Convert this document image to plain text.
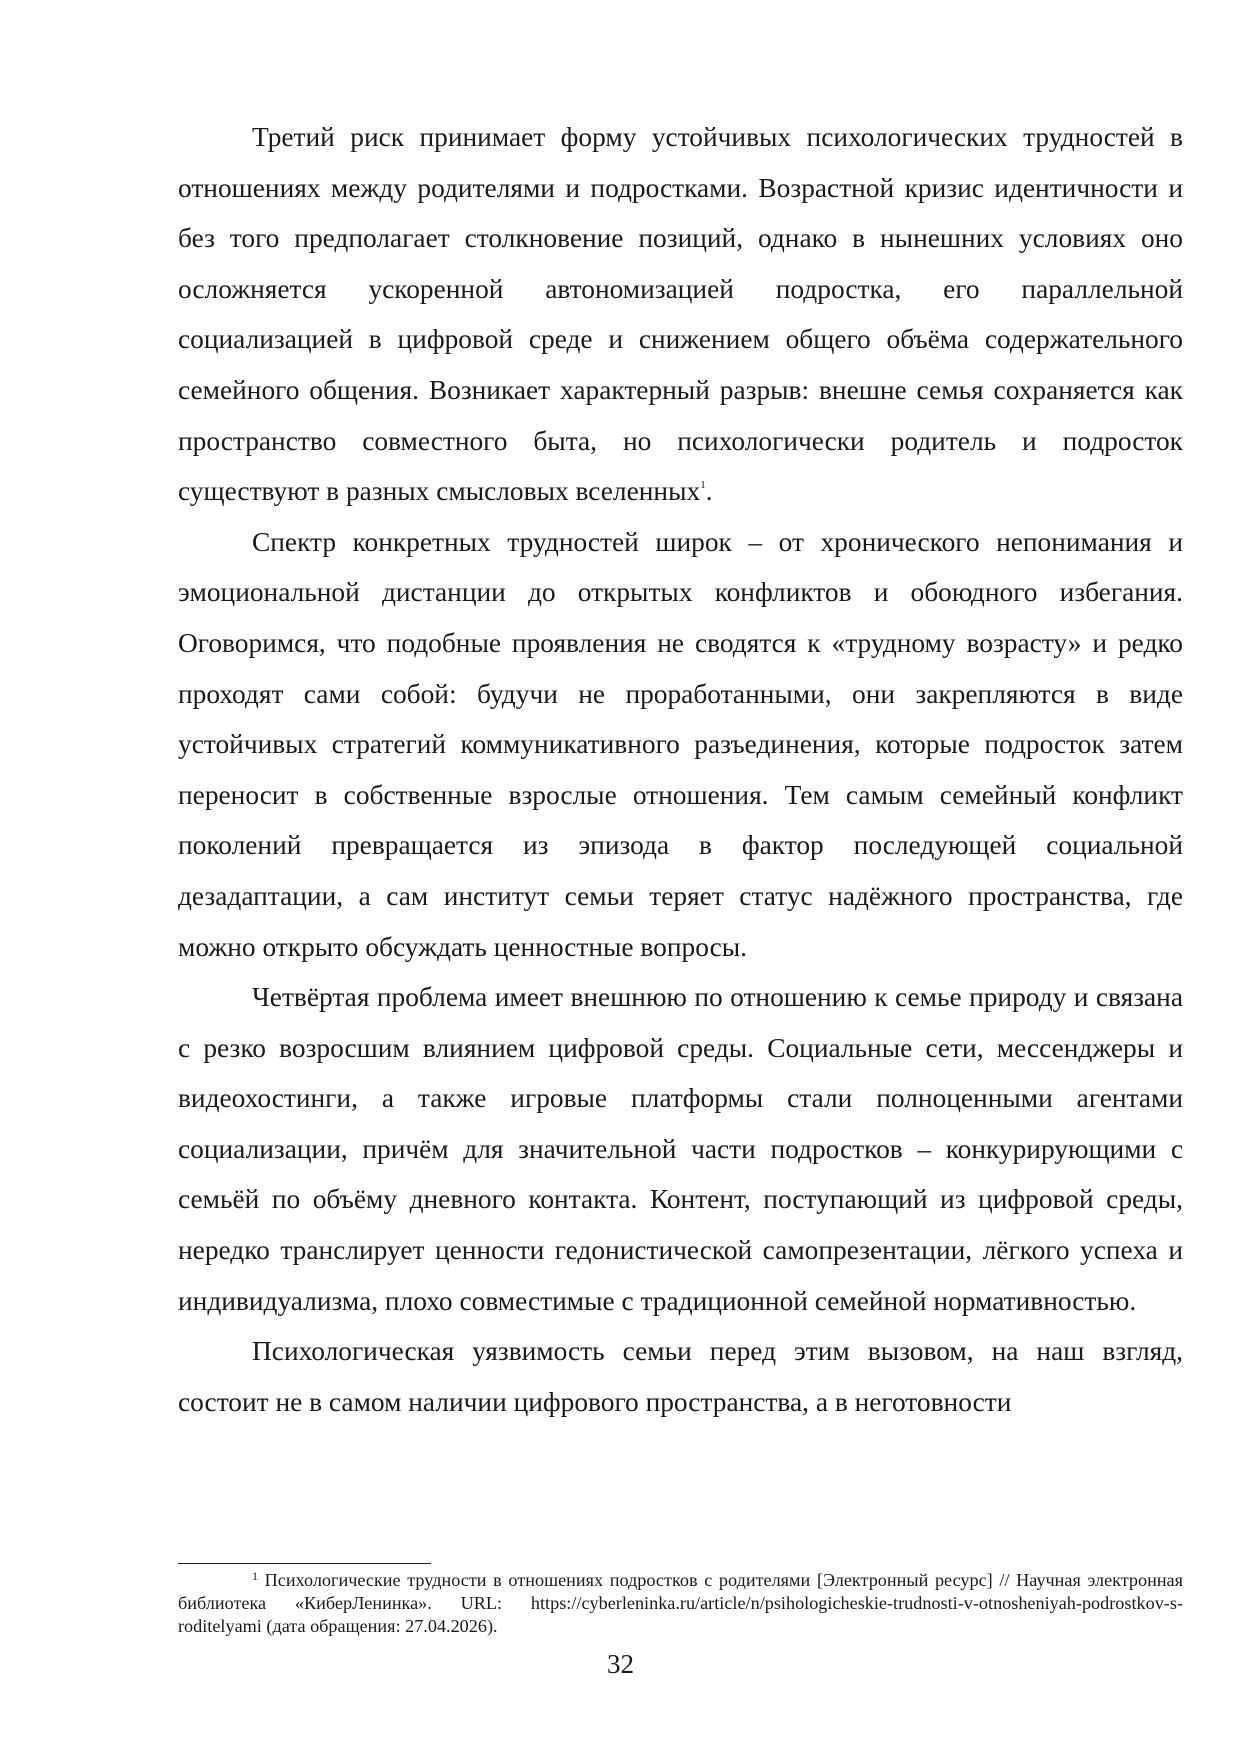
Третий риск принимает форму устойчивых психологических трудностей в отношениях между родителями и подростками. Возрастной кризис идентичности и без того предполагает столкновение позиций, однако в нынешних условиях оно осложняется ускоренной автономизацией подростка, его параллельной социализацией в цифровой среде и снижением общего объёма содержательного семейного общения. Возникает характерный разрыв: внешне семья сохраняется как пространство совместного быта, но психологически родитель и подросток существуют в разных смысловых вселенных$^1$.

Спектр конкретных трудностей широк – от хронического непонимания и эмоциональной дистанции до открытых конфликтов и обоюдного избегания. Оговоримся, что подобные проявления не сводятся к «трудному возрасту» и редко проходят сами собой: будучи не проработанными, они закрепляются в виде устойчивых стратегий коммуникативного разъединения, которые подросток затем переносит в собственные взрослые отношения. Тем самым семейный конфликт поколений превращается из эпизода в фактор последующей социальной дезадаптации, а сам институт семьи теряет статус надёжного пространства, где можно открыто обсуждать ценностные вопросы.

Четвёртая проблема имеет внешнюю по отношению к семье природу и связана с резко возросшим влиянием цифровой среды. Социальные сети, мессенджеры и видеохостинги, а также игровые платформы стали полноценными агентами социализации, причём для значительной части подростков – конкурирующими с семьёй по объёму дневного контакта. Контент, поступающий из цифровой среды, нередко транслирует ценности гедонистической самопрезентации, лёгкого успеха и индивидуализма, плохо совместимые с традиционной семейной нормативностью.

Психологическая уязвимость семьи перед этим вызовом, на наш взгляд, состоит не в самом наличии цифрового пространства, а в неготовности

$^1$ Психологические трудности в отношениях подростков с родителями [Электронный ресурс] // Научная электронная библиотека «КиберЛенинка». URL: https://cyberleninka.ru/article/n/psihologicheskie-trudnosti-v-otnosheniyah-podrostkov-s-roditelyami (дата обращения: 27.04.2026).

32
